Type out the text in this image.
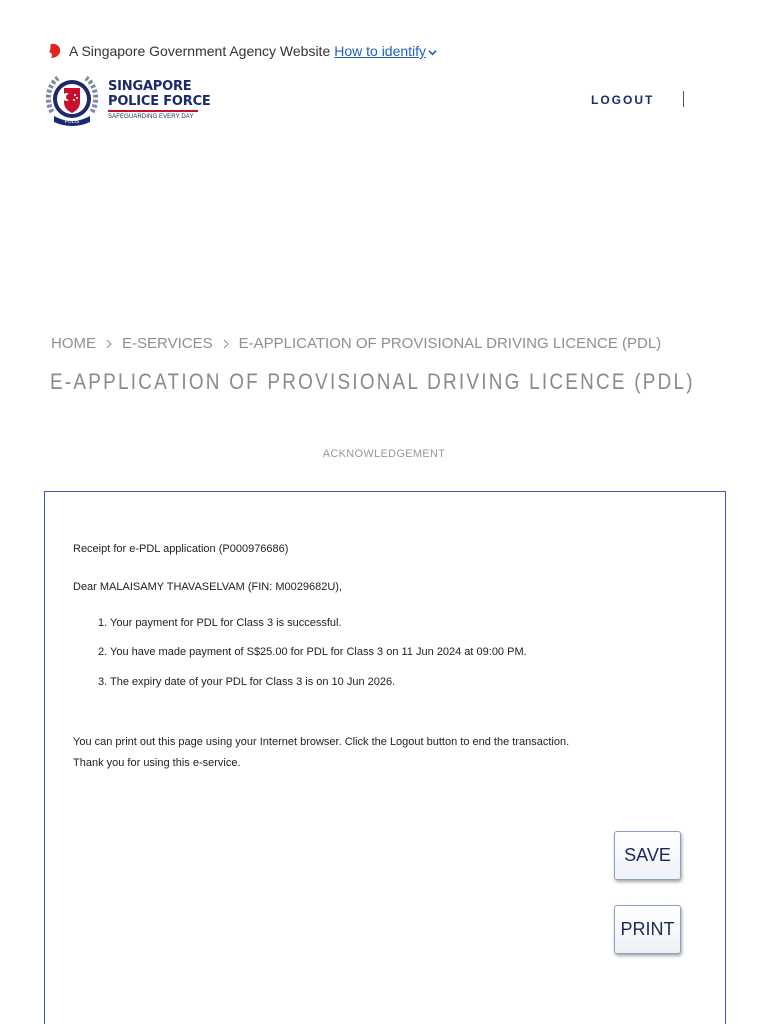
A Singapore Government Agency Website How to identify
POLIS
SINGAPORE
POLICE FORCE
SAFEGUARDING EVERY DAY
LOGOUT
HOME E-SERVICES E-APPLICATION OF PROVISIONAL DRIVING LICENCE (PDL)
E-APPLICATION OF PROVISIONAL DRIVING LICENCE (PDL)
ACKNOWLEDGEMENT
Receipt for e-PDL application (P000976686)
Dear MALAISAMY THAVASELVAM (FIN: M0029682U),
1. Your payment for PDL for Class 3 is successful.
2. You have made payment of S$25.00 for PDL for Class 3 on 11 Jun 2024 at 09:00 PM.
3. The expiry date of your PDL for Class 3 is on 10 Jun 2026.
You can print out this page using your Internet browser. Click the Logout button to end the transaction.
Thank you for using this e-service.
SAVE
PRINT
